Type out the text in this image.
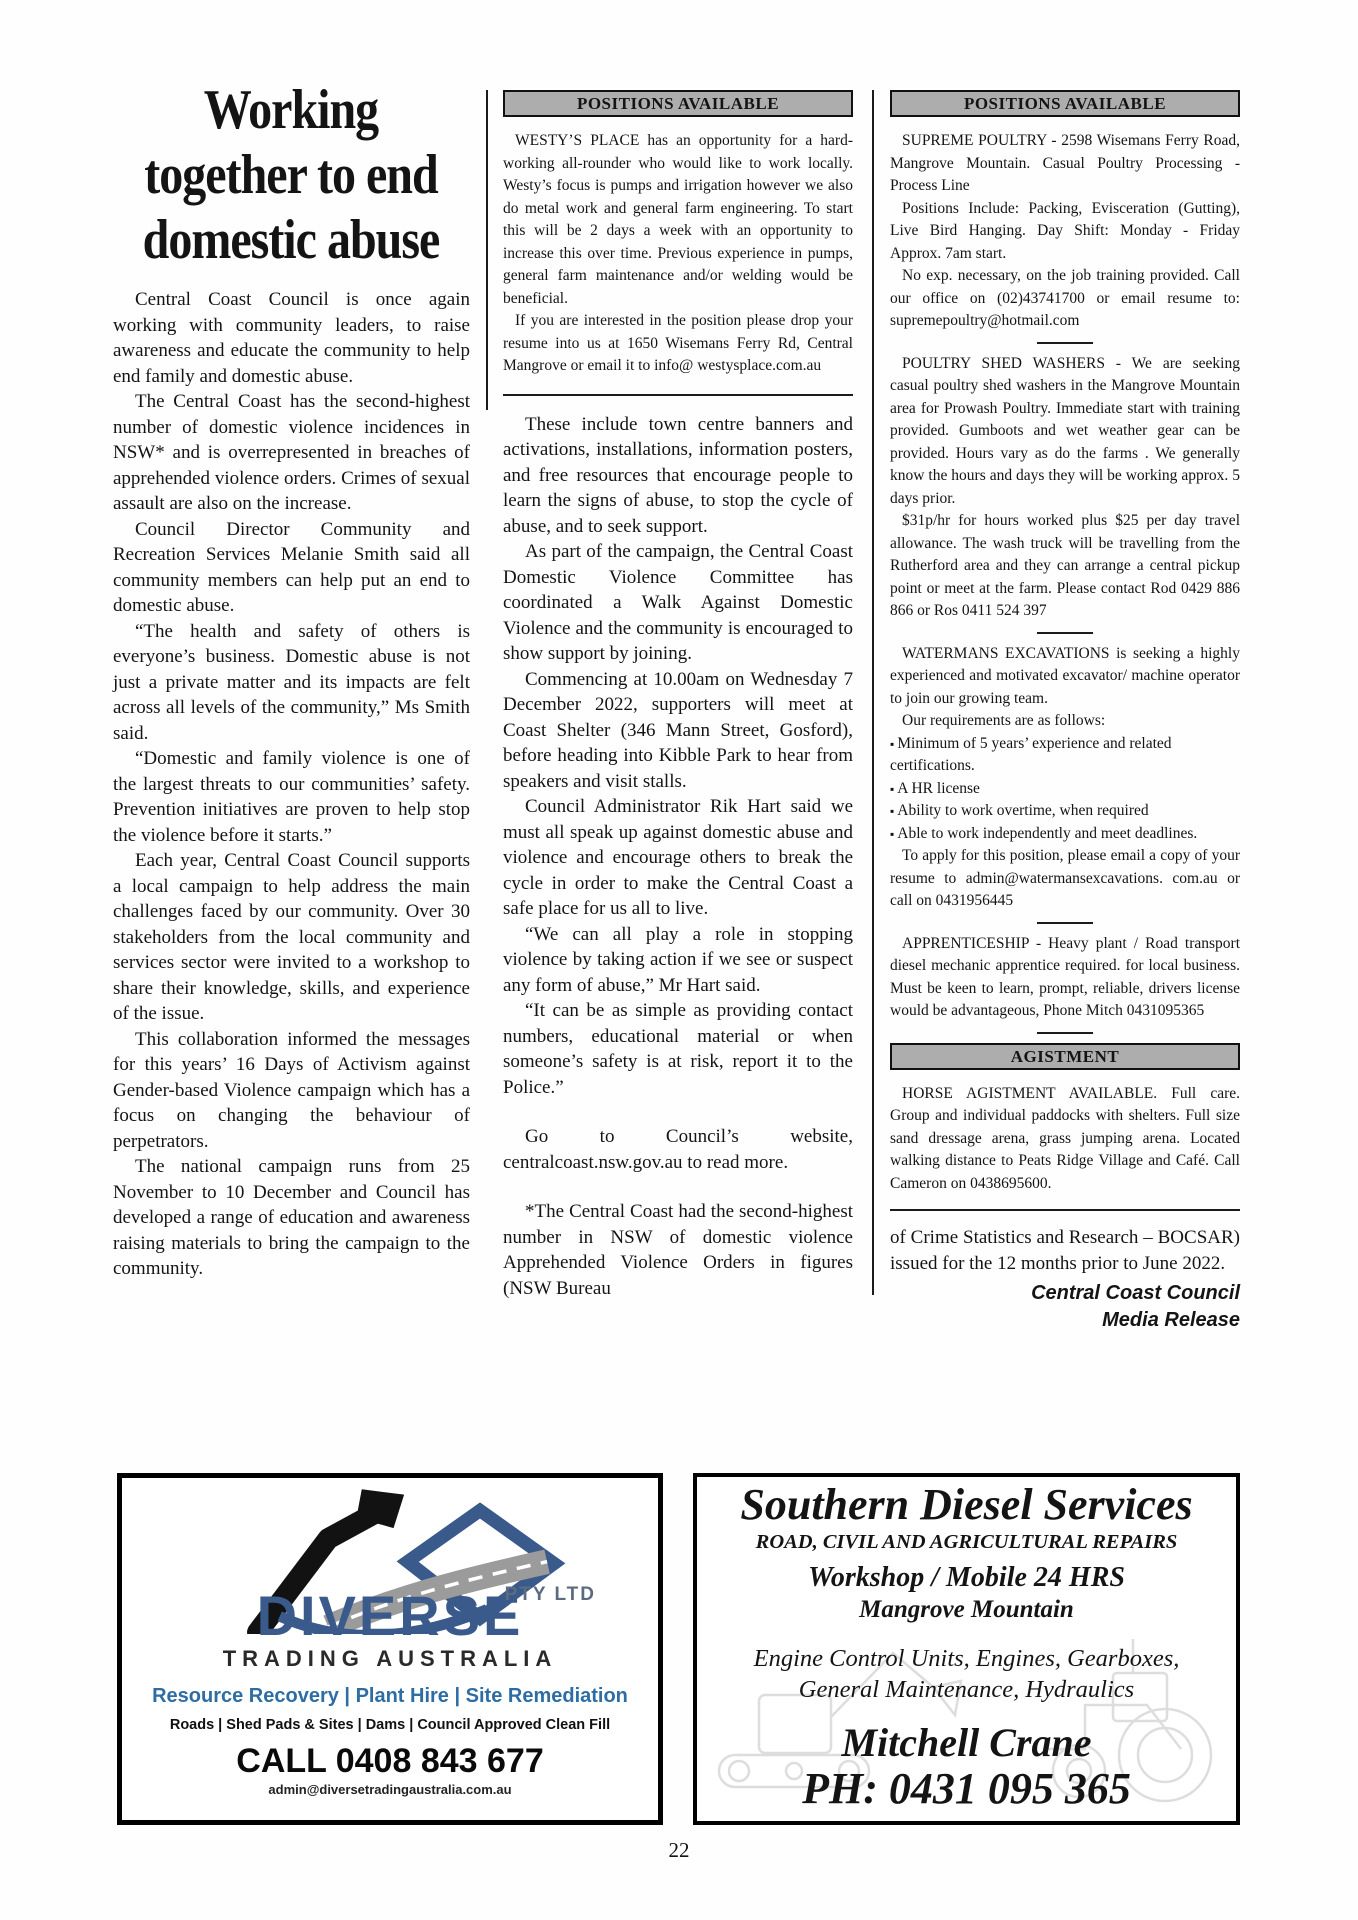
Working
together to end
domestic abuse

Central Coast Council is once again working with community leaders, to raise awareness and educate the community to help end family and domestic abuse.

The Central Coast has the second-highest number of domestic violence incidences in NSW* and is overrepresented in breaches of apprehended violence orders. Crimes of sexual assault are also on the increase.

Council Director Community and Recreation Services Melanie Smith said all community members can help put an end to domestic abuse.

“The health and safety of others is everyone’s business. Domestic abuse is not just a private matter and its impacts are felt across all levels of the community,” Ms Smith said.

“Domestic and family violence is one of the largest threats to our communities’ safety. Prevention initiatives are proven to help stop the violence before it starts.”

Each year, Central Coast Council supports a local campaign to help address the main challenges faced by our community. Over 30 stakeholders from the local community and services sector were invited to a workshop to share their knowledge, skills, and experience of the issue.

This collaboration informed the messages for this years’ 16 Days of Activism against Gender-based Violence campaign which has a focus on changing the behaviour of perpetrators.

The national campaign runs from 25 November to 10 December and Council has developed a range of education and awareness raising materials to bring the campaign to the community.

POSITIONS AVAILABLE

WESTY’S PLACE has an opportunity for a hard-working all-rounder who would like to work locally. Westy’s focus is pumps and irrigation however we also do metal work and general farm engineering. To start this will be 2 days a week with an opportunity to increase this over time. Previous experience in pumps, general farm maintenance and/or welding would be beneficial.

If you are interested in the position please drop your resume into us at 1650 Wisemans Ferry Rd, Central Mangrove or email it to info@ westysplace.com.au

These include town centre banners and activations, installations, information posters, and free resources that encourage people to learn the signs of abuse, to stop the cycle of abuse, and to seek support.

As part of the campaign, the Central Coast Domestic Violence Committee has coordinated a Walk Against Domestic Violence and the community is encouraged to show support by joining.

Commencing at 10.00am on Wednesday 7 December 2022, supporters will meet at Coast Shelter (346 Mann Street, Gosford), before heading into Kibble Park to hear from speakers and visit stalls.

Council Administrator Rik Hart said we must all speak up against domestic abuse and violence and encourage others to break the cycle in order to make the Central Coast a safe place for us all to live.

“We can all play a role in stopping violence by taking action if we see or suspect any form of abuse,” Mr Hart said.

“It can be as simple as providing contact numbers, educational material or when someone’s safety is at risk, report it to the Police.”

Go to Council’s website, centralcoast.nsw.gov.au to read more.

*The Central Coast had the second-highest number in NSW of domestic violence Apprehended Violence Orders in figures (NSW Bureau

POSITIONS AVAILABLE

SUPREME POULTRY - 2598 Wisemans Ferry Road, Mangrove Mountain. Casual Poultry Processing - Process Line

Positions Include: Packing, Evisceration (Gutting), Live Bird Hanging. Day Shift: Monday - Friday Approx. 7am start.

No exp. necessary, on the job training provided. Call our office on (02)43741700 or email resume to: supremepoultry@hotmail.com

POULTRY SHED WASHERS - We are seeking casual poultry shed washers in the Mangrove Mountain area for Prowash Poultry. Immediate start with training provided. Gumboots and wet weather gear can be provided. Hours vary as do the farms . We generally know the hours and days they will be working approx. 5 days prior.

$31p/hr for hours worked plus $25 per day travel allowance. The wash truck will be travelling from the Rutherford area and they can arrange a central pickup point or meet at the farm. Please contact Rod 0429 886 866 or Ros 0411 524 397

WATERMANS EXCAVATIONS is seeking a highly experienced and motivated excavator/ machine operator to join our growing team.

Our requirements are as follows:

▪ Minimum of 5 years’ experience and related certifications.

▪ A HR license

▪ Ability to work overtime, when required

▪ Able to work independently and meet deadlines.

To apply for this position, please email a copy of your resume to admin@watermansexcavations. com.au or call on 0431956445

APPRENTICESHIP - Heavy plant / Road transport diesel mechanic apprentice required. for local business. Must be keen to learn, prompt, reliable, drivers license would be advantageous, Phone Mitch 0431095365

AGISTMENT

HORSE AGISTMENT AVAILABLE. Full care. Group and individual paddocks with shelters. Full size sand dressage arena, grass jumping arena. Located walking distance to Peats Ridge Village and Café. Call Cameron on 0438695600.

of Crime Statistics and Research – BOCSAR) issued for the 12 months prior to June 2022.

Central Coast Council
Media Release
PTY LTD
DIVERSE
TRADING AUSTRALIA
Resource Recovery | Plant Hire | Site Remediation
Roads | Shed Pads & Sites | Dams | Council Approved Clean Fill
CALL 0408 843 677
admin@diversetradingaustralia.com.au
Southern Diesel Services
ROAD, CIVIL AND AGRICULTURAL REPAIRS
Workshop / Mobile 24 HRS
Mangrove Mountain
Engine Control Units, Engines, Gearboxes,
General Maintenance, Hydraulics
Mitchell Crane
PH: 0431 095 365
22
